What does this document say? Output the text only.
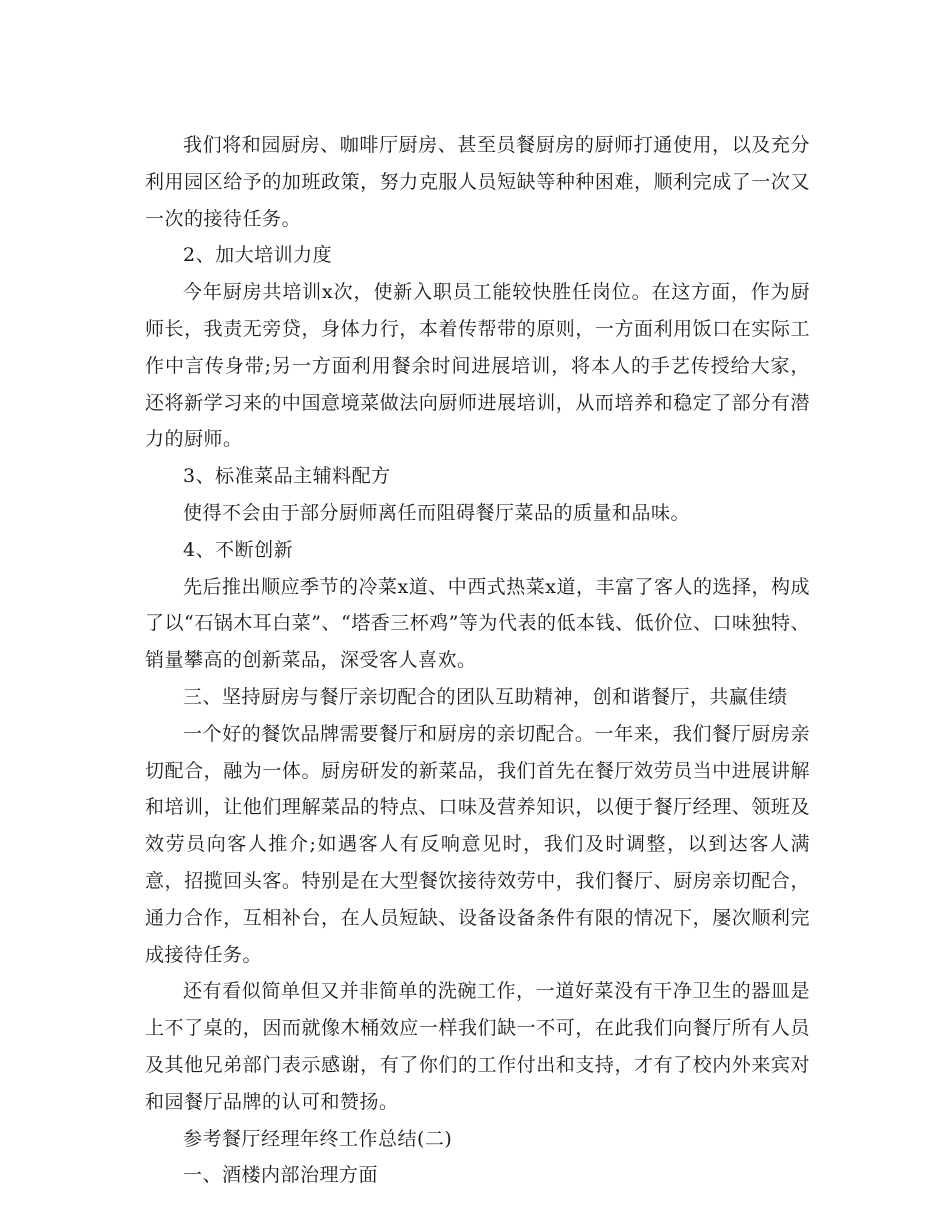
我们将和园厨房、咖啡厅厨房、甚至员餐厨房的厨师打通使用，以及充分利用园区给予的加班政策，努力克服人员短缺等种种困难，顺利完成了一次又一次的接待任务。

2、加大培训力度

今年厨房共培训x次，使新入职员工能较快胜任岗位。在这方面，作为厨师长，我责无旁贷，身体力行，本着传帮带的原则，一方面利用饭口在实际工作中言传身带;另一方面利用餐余时间进展培训，将本人的手艺传授给大家，还将新学习来的中国意境菜做法向厨师进展培训，从而培养和稳定了部分有潜力的厨师。

3、标准菜品主辅料配方

使得不会由于部分厨师离任而阻碍餐厅菜品的质量和品味。

4、不断创新

先后推出顺应季节的冷菜x道、中西式热菜x道，丰富了客人的选择，构成了以“石锅木耳白菜”、“塔香三杯鸡”等为代表的低本钱、低价位、口味独特、销量攀高的创新菜品，深受客人喜欢。

三、坚持厨房与餐厅亲切配合的团队互助精神，创和谐餐厅，共赢佳绩

一个好的餐饮品牌需要餐厅和厨房的亲切配合。一年来，我们餐厅厨房亲切配合，融为一体。厨房研发的新菜品，我们首先在餐厅效劳员当中进展讲解和培训，让他们理解菜品的特点、口味及营养知识，以便于餐厅经理、领班及效劳员向客人推介;如遇客人有反响意见时，我们及时调整，以到达客人满意，招揽回头客。特别是在大型餐饮接待效劳中，我们餐厅、厨房亲切配合，通力合作，互相补台，在人员短缺、设备设备条件有限的情况下，屡次顺利完成接待任务。

还有看似简单但又并非简单的洗碗工作，一道好菜没有干净卫生的器皿是上不了桌的，因而就像木桶效应一样我们缺一不可，在此我们向餐厅所有人员及其他兄弟部门表示感谢，有了你们的工作付出和支持，才有了校内外来宾对和园餐厅品牌的认可和赞扬。

参考餐厅经理年终工作总结(二)

一、酒楼内部治理方面
